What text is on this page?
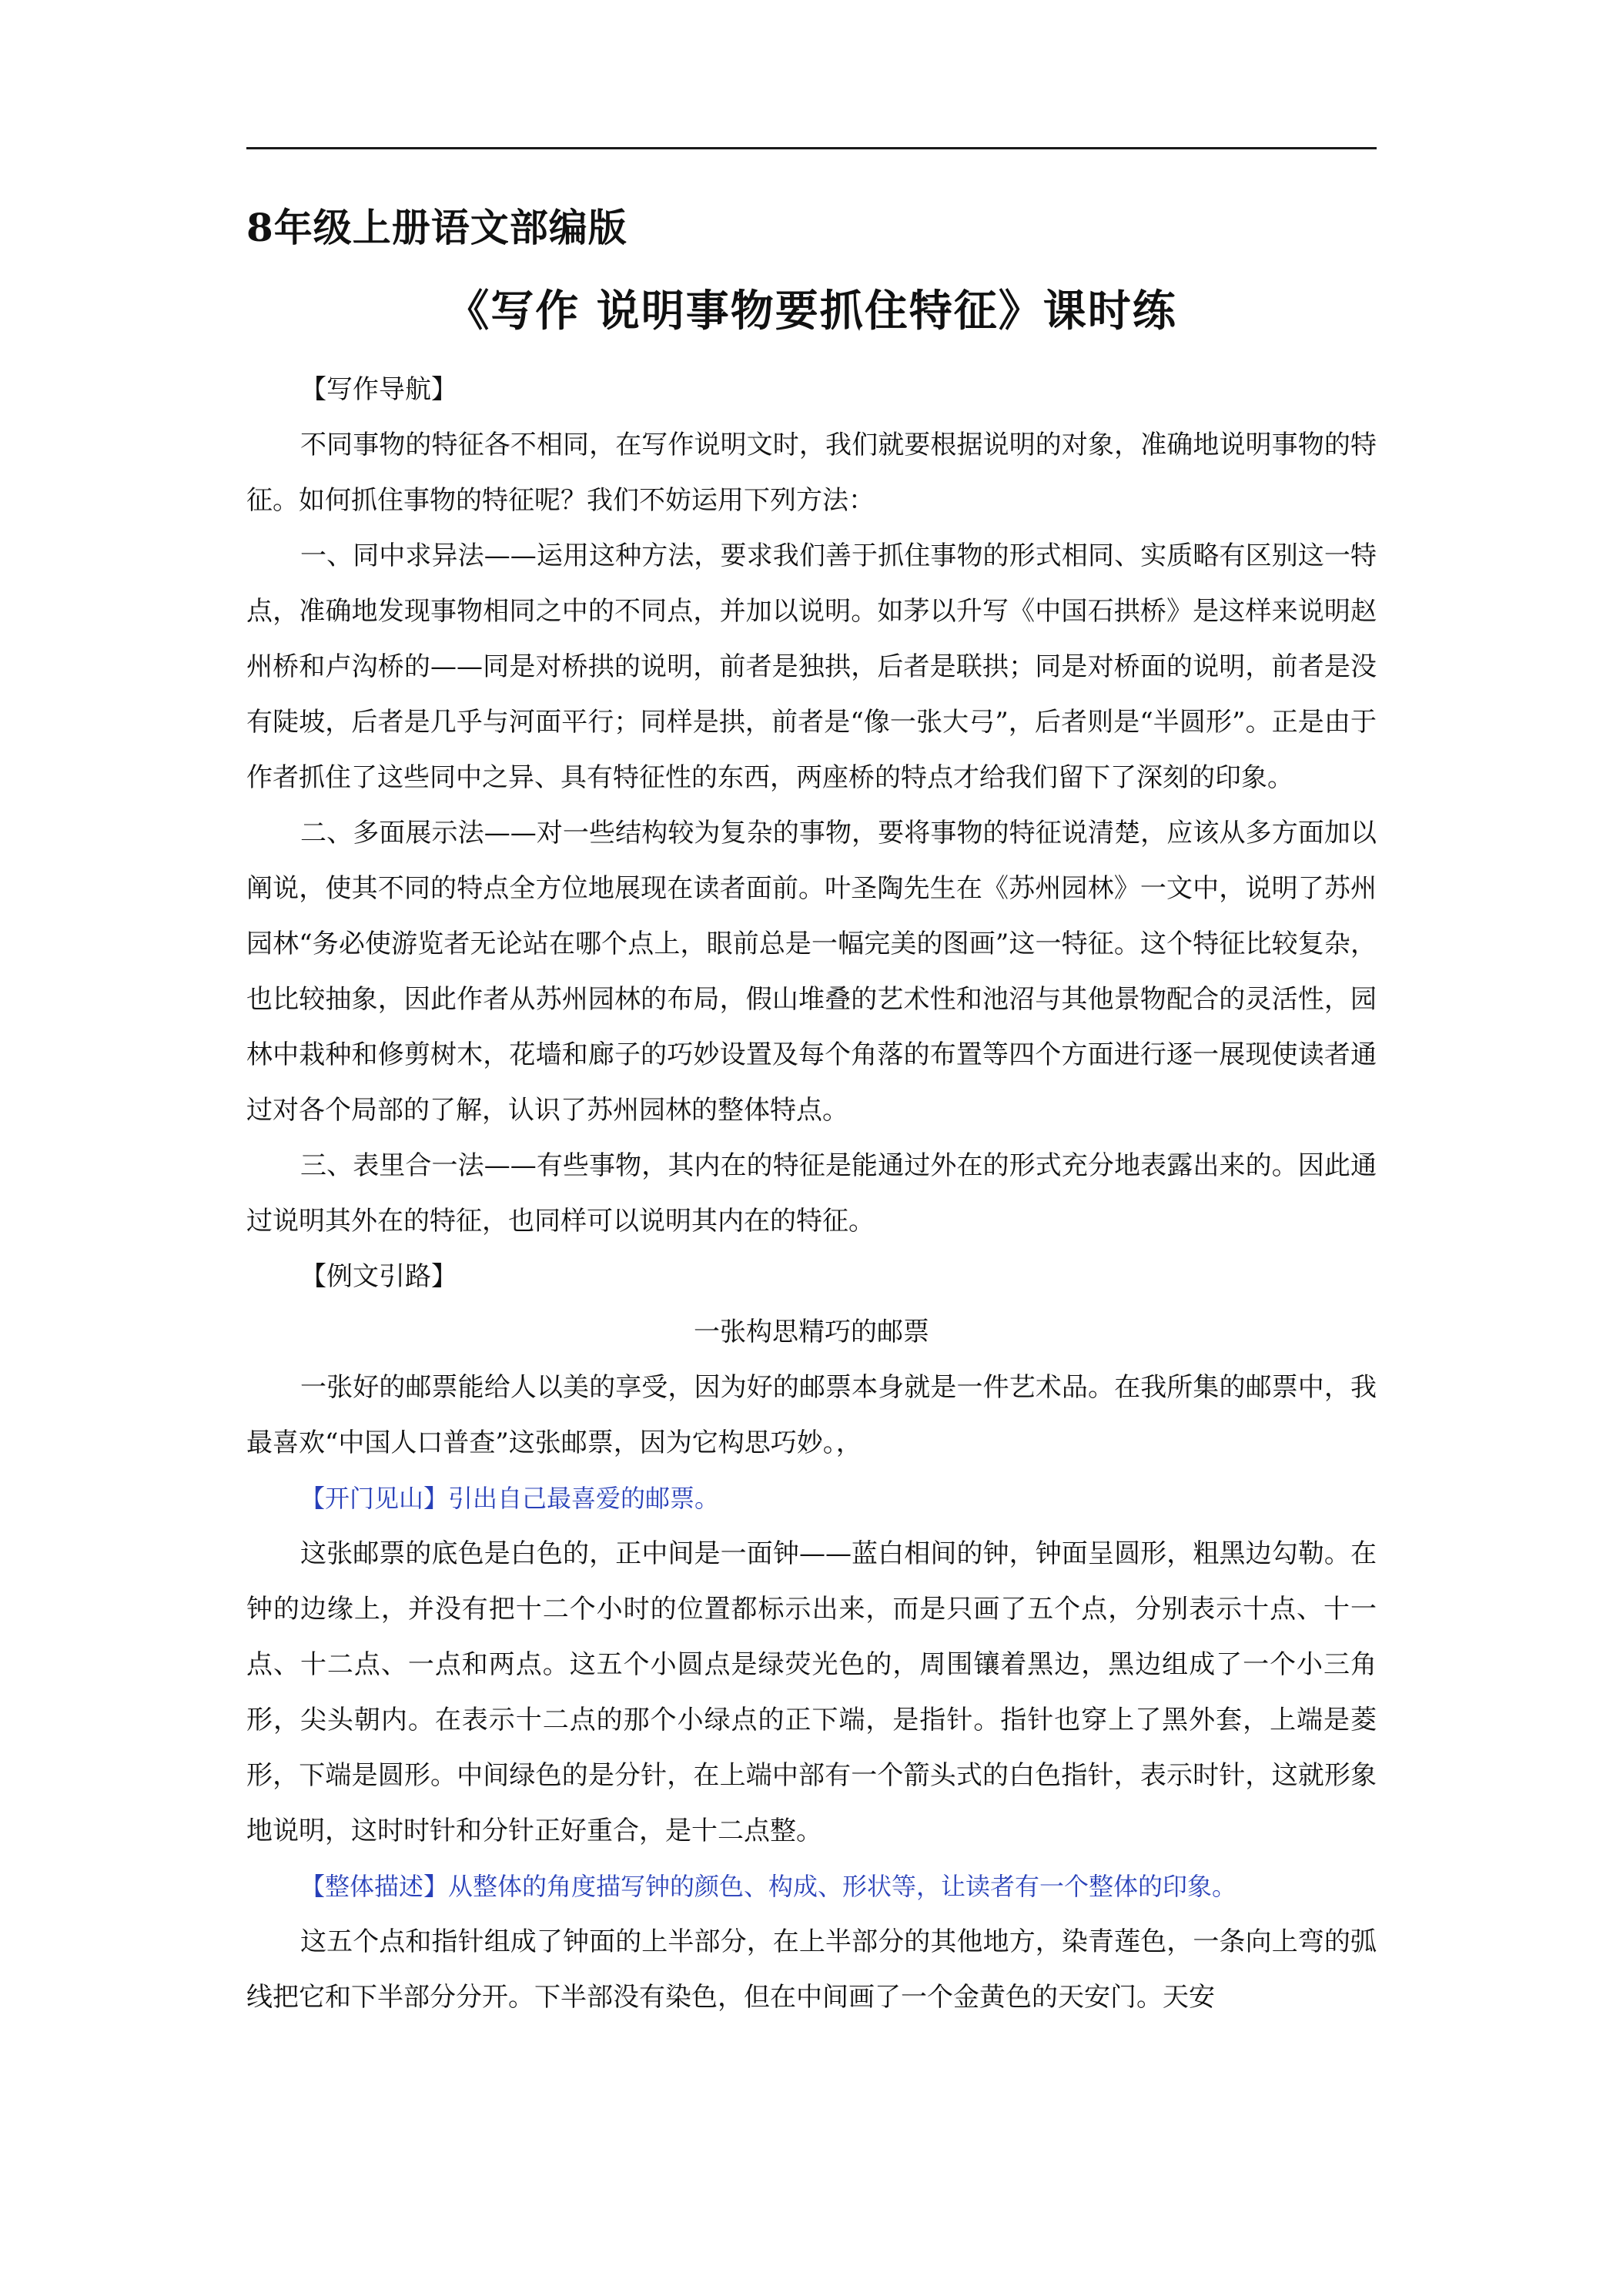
8年级上册语文部编版
《写作 说明事物要抓住特征》课时练

【写作导航】

不同事物的特征各不相同，在写作说明文时，我们就要根据说明的对象，准确地说明事物的特征。如何抓住事物的特征呢？我们不妨运用下列方法：

一、同中求异法——运用这种方法，要求我们善于抓住事物的形式相同、实质略有区别这一特点，准确地发现事物相同之中的不同点，并加以说明。如茅以升写《中国石拱桥》是这样来说明赵州桥和卢沟桥的——同是对桥拱的说明，前者是独拱，后者是联拱；同是对桥面的说明，前者是没有陡坡，后者是几乎与河面平行；同样是拱，前者是“像一张大弓”，后者则是“半圆形”。正是由于作者抓住了这些同中之异、具有特征性的东西，两座桥的特点才给我们留下了深刻的印象。

二、多面展示法——对一些结构较为复杂的事物，要将事物的特征说清楚，应该从多方面加以阐说，使其不同的特点全方位地展现在读者面前。叶圣陶先生在《苏州园林》一文中，说明了苏州园林“务必使游览者无论站在哪个点上，眼前总是一幅完美的图画”这一特征。这个特征比较复杂，也比较抽象，因此作者从苏州园林的布局，假山堆叠的艺术性和池沼与其他景物配合的灵活性，园林中栽种和修剪树木，花墙和廊子的巧妙设置及每个角落的布置等四个方面进行逐一展现使读者通过对各个局部的了解，认识了苏州园林的整体特点。

三、表里合一法——有些事物，其内在的特征是能通过外在的形式充分地表露出来的。因此通过说明其外在的特征，也同样可以说明其内在的特征。

【例文引路】

一张构思精巧的邮票

一张好的邮票能给人以美的享受，因为好的邮票本身就是一件艺术品。在我所集的邮票中，我最喜欢“中国人口普查”这张邮票，因为它构思巧妙。，

【开门见山】引出自己最喜爱的邮票。

这张邮票的底色是白色的，正中间是一面钟——蓝白相间的钟，钟面呈圆形，粗黑边勾勒。在钟的边缘上，并没有把十二个小时的位置都标示出来，而是只画了五个点，分别表示十点、十一点、十二点、一点和两点。这五个小圆点是绿荧光色的，周围镶着黑边，黑边组成了一个小三角形，尖头朝内。在表示十二点的那个小绿点的正下端，是指针。指针也穿上了黑外套，上端是菱形，下端是圆形。中间绿色的是分针，在上端中部有一个箭头式的白色指针，表示时针，这就形象地说明，这时时针和分针正好重合，是十二点整。

【整体描述】从整体的角度描写钟的颜色、构成、形状等，让读者有一个整体的印象。

这五个点和指针组成了钟面的上半部分，在上半部分的其他地方，染青莲色，一条向上弯的弧线把它和下半部分分开。下半部没有染色，但在中间画了一个金黄色的天安门。天安
